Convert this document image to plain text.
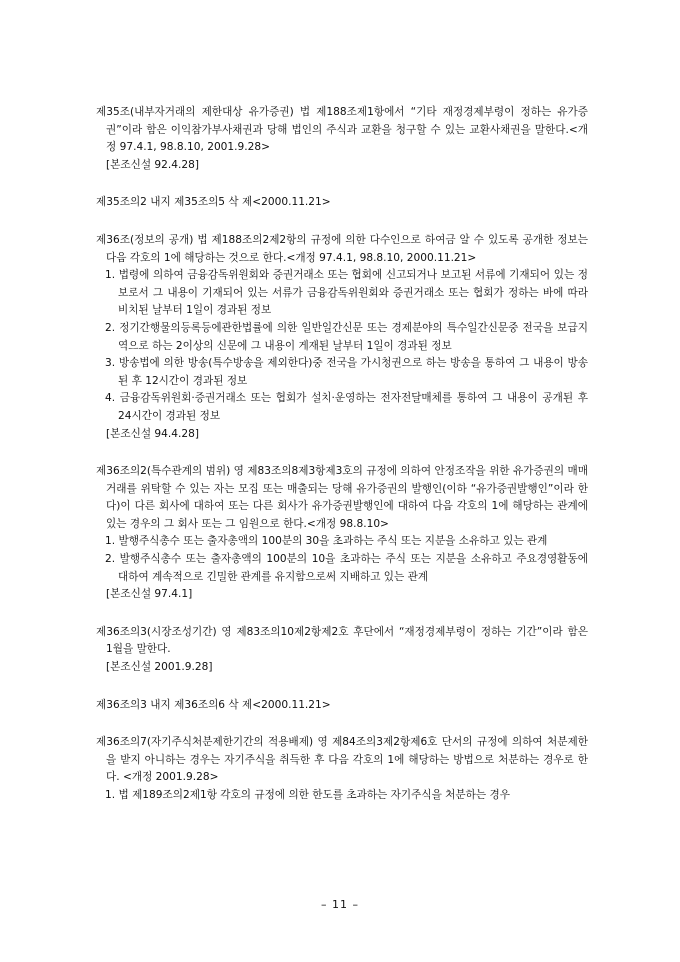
제35조(내부자거래의 제한대상 유가증권) 법 제188조제1항에서 “기타 재정경제부령이 정하는 유가증권”이라 함은 이익참가부사채권과 당해 법인의 주식과 교환을 청구할 수 있는 교환사채권을 말한다.<개정 97.4.1, 98.8.10, 2001.9.28>

[본조신설 92.4.28]

제35조의2 내지 제35조의5 삭 제<2000.11.21>

제36조(정보의 공개) 법 제188조의2제2항의 규정에 의한 다수인으로 하여금 알 수 있도록 공개한 정보는 다음 각호의 1에 해당하는 것으로 한다.<개정 97.4.1, 98.8.10, 2000.11.21>

1. 법령에 의하여 금융감독위원회와 증권거래소 또는 협회에 신고되거나 보고된 서류에 기재되어 있는 정보로서 그 내용이 기재되어 있는 서류가 금융감독위원회와 증권거래소 또는 협회가 정하는 바에 따라 비치된 날부터 1일이 경과된 정보
2. 정기간행물의등록등에관한법률에 의한 일반일간신문 또는 경제분야의 특수일간신문중 전국을 보급지역으로 하는 2이상의 신문에 그 내용이 게재된 날부터 1일이 경과된 정보
3. 방송법에 의한 방송(특수방송을 제외한다)중 전국을 가시청권으로 하는 방송을 통하여 그 내용이 방송된 후 12시간이 경과된 정보
4. 금융감독위원회·증권거래소 또는 협회가 설치·운영하는 전자전달매체를 통하여 그 내용이 공개된 후 24시간이 경과된 정보

[본조신설 94.4.28]

제36조의2(특수관계의 범위) 영 제83조의8제3항제3호의 규정에 의하여 안정조작을 위한 유가증권의 매매거래를 위탁할 수 있는 자는 모집 또는 매출되는 당해 유가증권의 발행인(이하 “유가증권발행인”이라 한다)이 다른 회사에 대하여 또는 다른 회사가 유가증권발행인에 대하여 다음 각호의 1에 해당하는 관계에 있는 경우의 그 회사 또는 그 임원으로 한다.<개정 98.8.10>

1. 발행주식총수 또는 출자총액의 100분의 30을 초과하는 주식 또는 지분을 소유하고 있는 관계
2. 발행주식총수 또는 출자총액의 100분의 10을 초과하는 주식 또는 지분을 소유하고 주요경영활동에 대하여 계속적으로 긴밀한 관계를 유지함으로써 지배하고 있는 관계

[본조신설 97.4.1]

제36조의3(시장조성기간) 영 제83조의10제2항제2호 후단에서 “재정경제부령이 정하는 기간”이라 함은 1월을 말한다.

[본조신설 2001.9.28]

제36조의3 내지 제36조의6 삭 제<2000.11.21>

제36조의7(자기주식처분제한기간의 적용배제) 영 제84조의3제2항제6호 단서의 규정에 의하여 처분제한을 받지 아니하는 경우는 자기주식을 취득한 후 다음 각호의 1에 해당하는 방법으로 처분하는 경우로 한다. <개정 2001.9.28>

1. 법 제189조의2제1항 각호의 규정에 의한 한도를 초과하는 자기주식을 처분하는 경우
– 11 –
